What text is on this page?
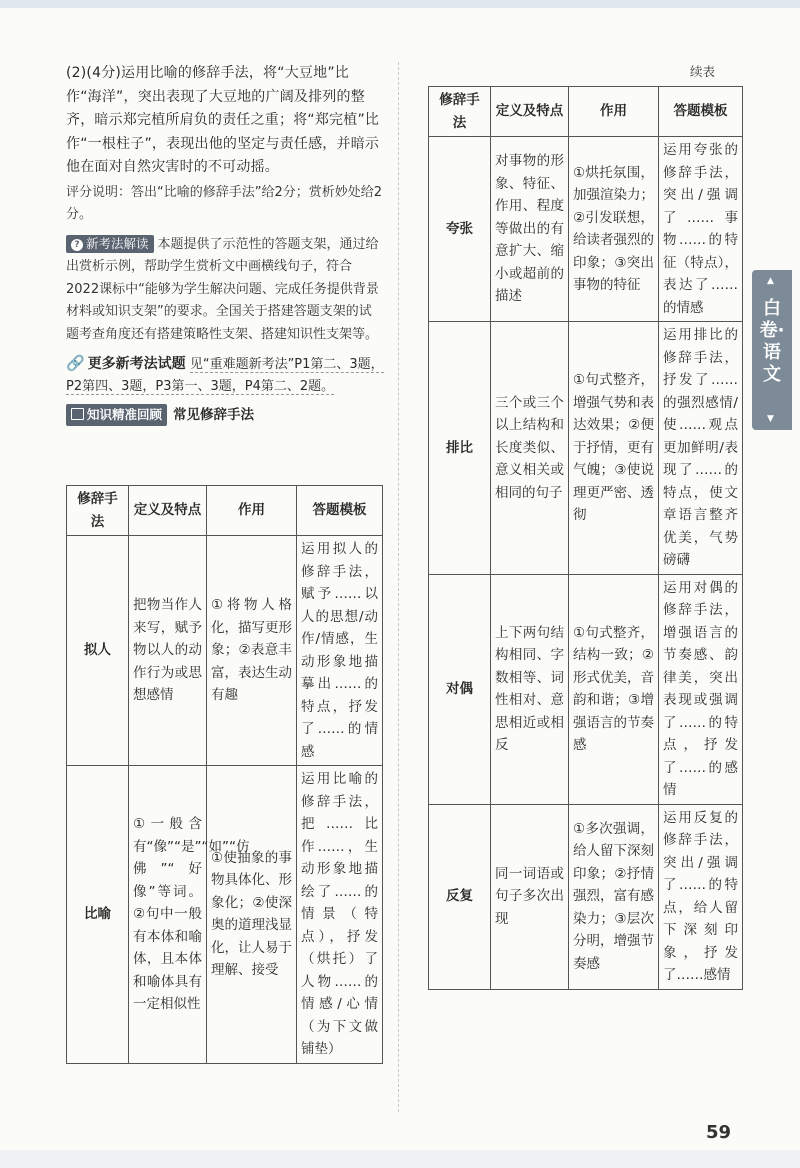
(2)(4分)运用比喻的修辞手法，将“大豆地”比作“海洋”，突出表现了大豆地的广阔及排列的整齐，暗示郑完植所肩负的责任之重；将“郑完植”比作“一根柱子”，表现出他的坚定与责任感，并暗示他在面对自然灾害时的不可动摇。

评分说明：答出“比喻的修辞手法”给2分；赏析妙处给2分。

? 新考法解读 本题提供了示范性的答题支架，通过给出赏析示例，帮助学生赏析文中画横线句子，符合2022课标中“能够为学生解决问题、完成任务提供背景材料或知识支架”的要求。全国关于搭建答题支架的试题考查角度还有搭建策略性支架、搭建知识性支架等。

🔗 更多新考法试题 见“重难题新考法”P1第二、3题，P2第四、3题，P3第一、3题，P4第二、2题。
知识精准回顾 常见修辞手法
修辞手法	定义及特点	作用	答题模板
拟人	把物当作人来写，赋予物以人的动作行为或思想感情	①将物人格化，描写更形象；②表意丰富，表达生动有趣	运用拟人的修辞手法，赋予……以人的思想/动作/情感，生动形象地描摹出……的特点，抒发了……的情感
比喻	①一般含有“像”“是”“如”“仿佛”“好像”等词。②句中一般有本体和喻体，且本体和喻体具有一定相似性	①使抽象的事物具体化、形象化；②使深奥的道理浅显化，让人易于理解、接受	运用比喻的修辞手法，把……比作……，生动形象地描绘了……的情景（特点），抒发（烘托）了人物……的情感/心情（为下文做铺垫）
续表
修辞手法	定义及特点	作用	答题模板
夸张	对事物的形象、特征、作用、程度等做出的有意扩大、缩小或超前的描述	①烘托氛围，加强渲染力；②引发联想，给读者强烈的印象；③突出事物的特征	运用夸张的修辞手法，突出/强调了……事物……的特征（特点），表达了……的情感
排比	三个或三个以上结构和长度类似、意义相关或相同的句子	①句式整齐，增强气势和表达效果；②便于抒情，更有气魄；③使说理更严密、透彻	运用排比的修辞手法，抒发了……的强烈感情/使……观点更加鲜明/表现了……的特点，使文章语言整齐优美，气势磅礴
对偶	上下两句结构相同、字数相等、词性相对、意思相近或相反	①句式整齐，结构一致；②形式优美，音韵和谐；③增强语言的节奏感	运用对偶的修辞手法，增强语言的节奏感、韵律美，突出表现或强调了……的特点，抒发了……的感情
反复	同一词语或句子多次出现	①多次强调，给人留下深刻印象；②抒情强烈，富有感染力；③层次分明，增强节奏感	运用反复的修辞手法，突出/强调了……的特点，给人留下深刻印象，抒发了……感情
▲
白卷·语文
▼
59
